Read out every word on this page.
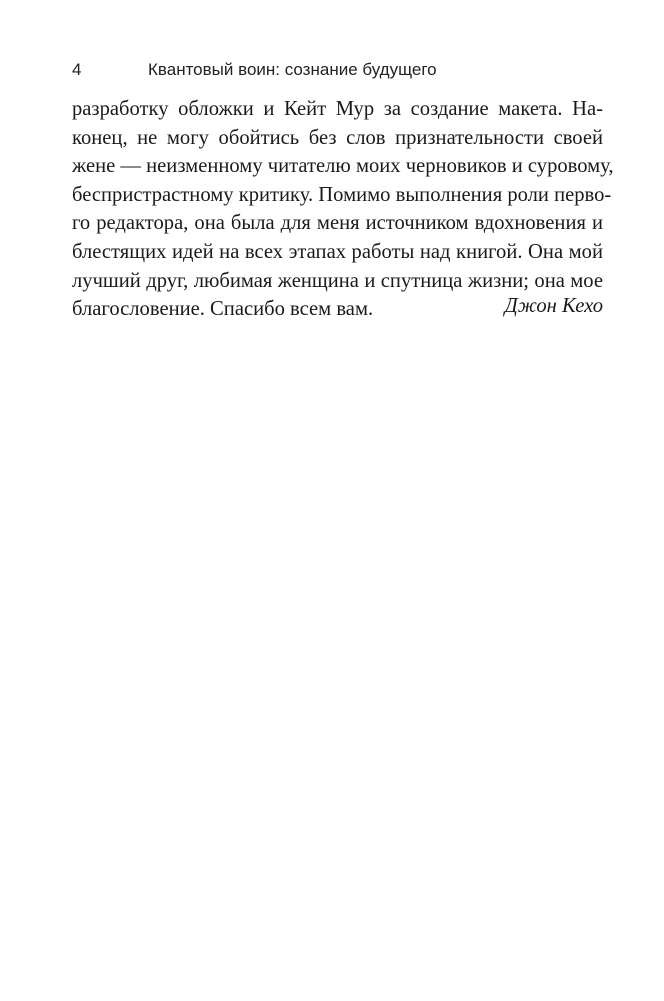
4	Квантовый воин: сознание будущего
разработку обложки и Кейт Мур за создание макета. На-
конец, не могу обойтись без слов признательности своей
жене — неизменному читателю моих черновиков и суровому,
беспристрастному критику. Помимо выполнения роли перво-
го редактора, она была для меня источником вдохновения и
блестящих идей на всех этапах работы над книгой. Она мой
лучший друг, любимая женщина и спутница жизни; она мое
благословение. Спасибо всем вам.	Джон Кехо
